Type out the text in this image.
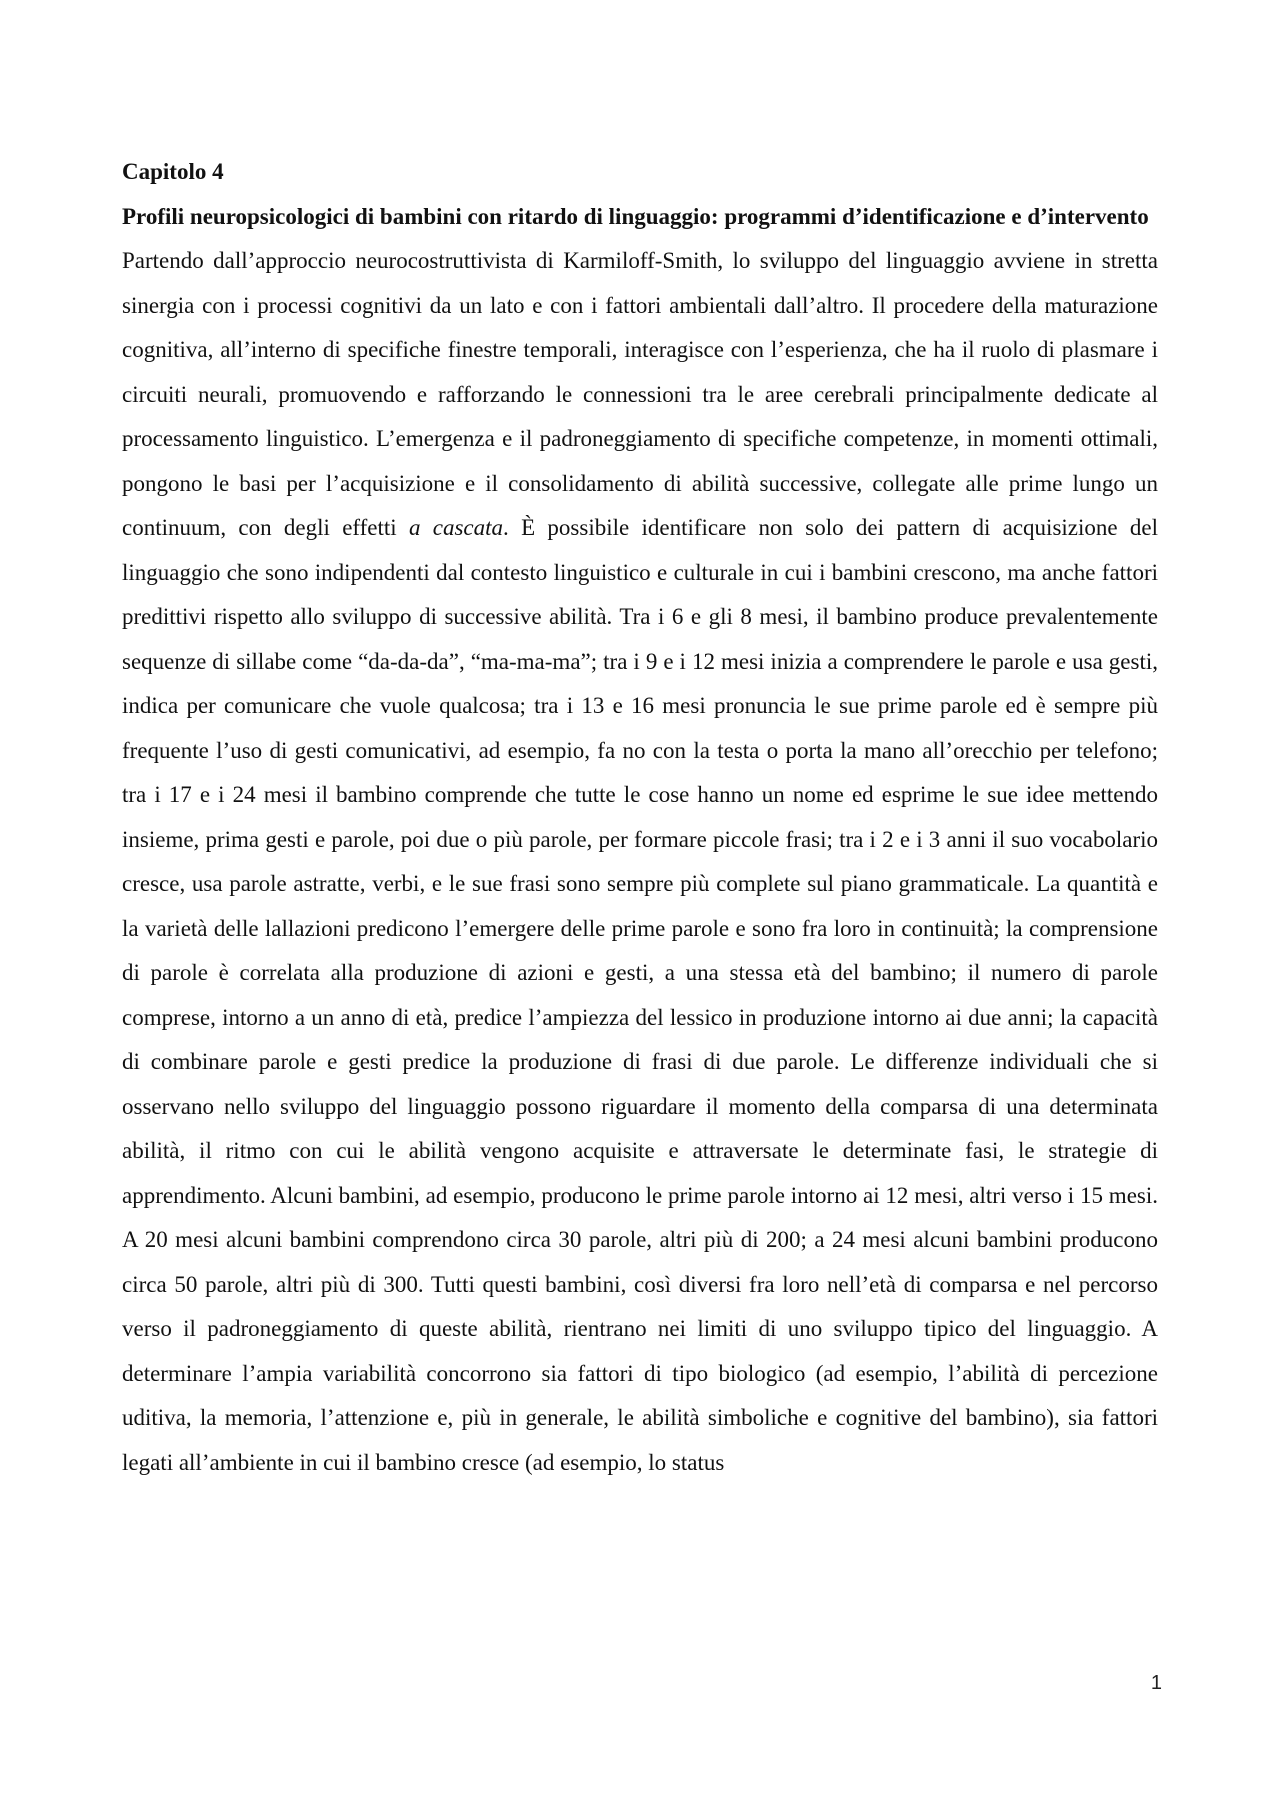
Capitolo 4

Profili neuropsicologici di bambini con ritardo di linguaggio: programmi d’identificazione e d’intervento

Partendo dall’approccio neurocostruttivista di Karmiloff-Smith, lo sviluppo del linguaggio avviene in stretta sinergia con i processi cognitivi da un lato e con i fattori ambientali dall’altro. Il procedere della maturazione cognitiva, all’interno di specifiche finestre temporali, interagisce con l’esperienza, che ha il ruolo di plasmare i circuiti neurali, promuovendo e rafforzando le connessioni tra le aree cerebrali principalmente dedicate al processamento linguistico. L’emergenza e il padroneggiamento di specifiche competenze, in momenti ottimali, pongono le basi per l’acquisizione e il consolidamento di abilità successive, collegate alle prime lungo un continuum, con degli effetti a cascata. È possibile identificare non solo dei pattern di acquisizione del linguaggio che sono indipendenti dal contesto linguistico e culturale in cui i bambini crescono, ma anche fattori predittivi rispetto allo sviluppo di successive abilità. Tra i 6 e gli 8 mesi, il bambino produce prevalentemente sequenze di sillabe come “da-da-da”, “ma-ma-ma”; tra i 9 e i 12 mesi inizia a comprendere le parole e usa gesti, indica per comunicare che vuole qualcosa; tra i 13 e 16 mesi pronuncia le sue prime parole ed è sempre più frequente l’uso di gesti comunicativi, ad esempio, fa no con la testa o porta la mano all’orecchio per telefono; tra i 17 e i 24 mesi il bambino comprende che tutte le cose hanno un nome ed esprime le sue idee mettendo insieme, prima gesti e parole, poi due o più parole, per formare piccole frasi; tra i 2 e i 3 anni il suo vocabolario cresce, usa parole astratte, verbi, e le sue frasi sono sempre più complete sul piano grammaticale. La quantità e la varietà delle lallazioni predicono l’emergere delle prime parole e sono fra loro in continuità; la comprensione di parole è correlata alla produzione di azioni e gesti, a una stessa età del bambino; il numero di parole comprese, intorno a un anno di età, predice l’ampiezza del lessico in produzione intorno ai due anni; la capacità di combinare parole e gesti predice la produzione di frasi di due parole. Le differenze individuali che si osservano nello sviluppo del linguaggio possono riguardare il momento della comparsa di una determinata abilità, il ritmo con cui le abilità vengono acquisite e attraversate le determinate fasi, le strategie di apprendimento. Alcuni bambini, ad esempio, producono le prime parole intorno ai 12 mesi, altri verso i 15 mesi. A 20 mesi alcuni bambini comprendono circa 30 parole, altri più di 200; a 24 mesi alcuni bambini producono circa 50 parole, altri più di 300. Tutti questi bambini, così diversi fra loro nell’età di comparsa e nel percorso verso il padroneggiamento di queste abilità, rientrano nei limiti di uno sviluppo tipico del linguaggio. A determinare l’ampia variabilità concorrono sia fattori di tipo biologico (ad esempio, l’abilità di percezione uditiva, la memoria, l’attenzione e, più in generale, le abilità simboliche e cognitive del bambino), sia fattori legati all’ambiente in cui il bambino cresce (ad esempio, lo status

1
